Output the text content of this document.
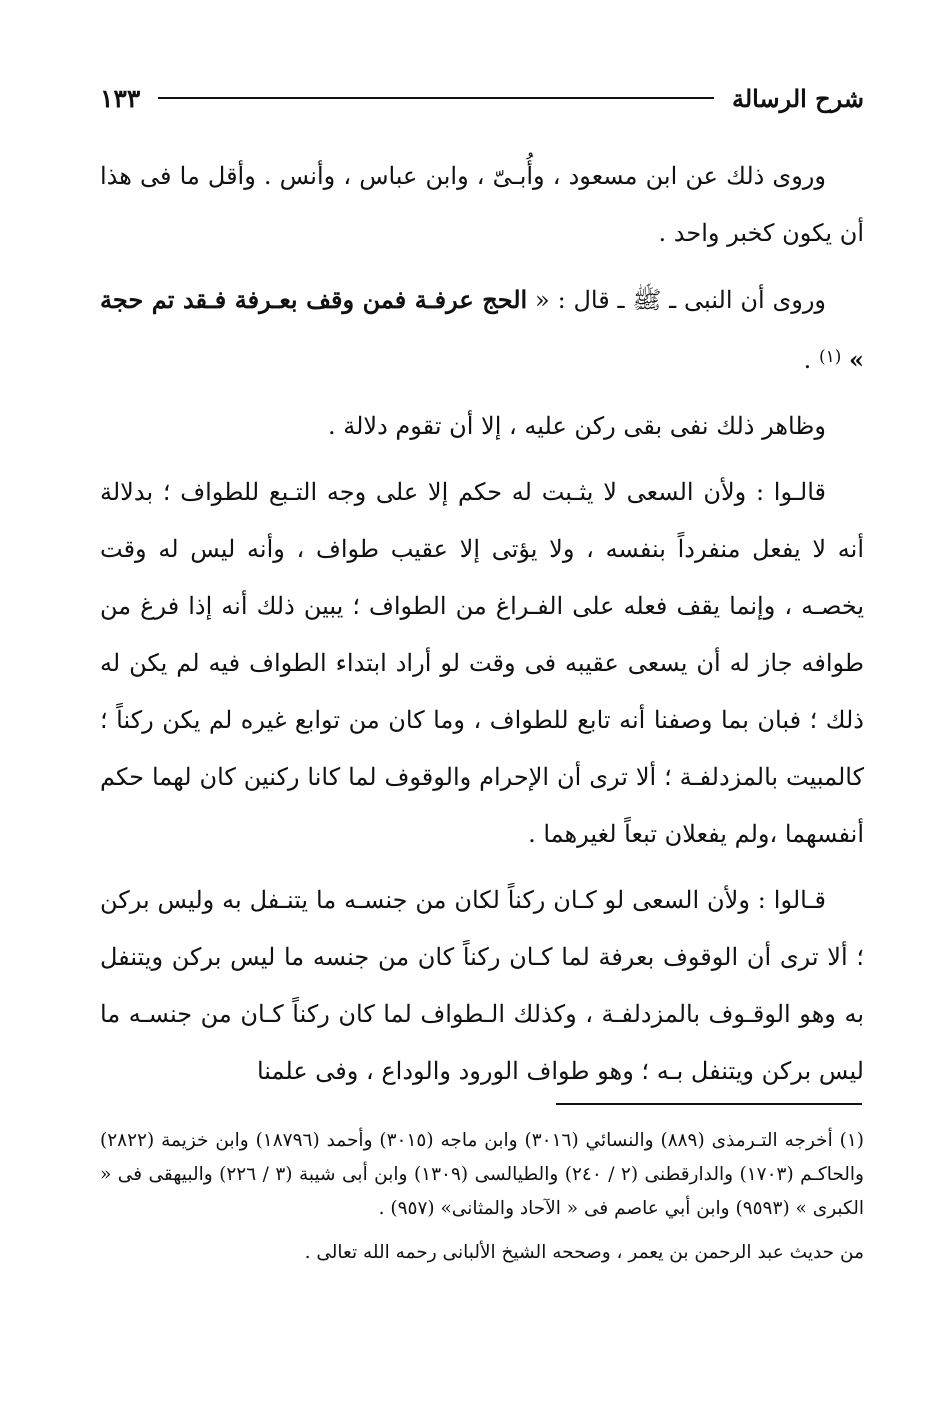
شرح الرسالة
١٣٣

وروى ذلك عن ابن مسعود ، وأُبـىّ ، وابن عباس ، وأنس . وأقل ما فى هذا أن يكون كخبر واحد .

وروى أن النبى ـ ﷺ ـ قال : « الحج عرفـة فمن وقف بعـرفة فـقد تم حجة » $^{(١)}$ .

وظاهر ذلك نفى بقى ركن عليه ، إلا أن تقوم دلالة .

قالـوا : ولأن السعى لا يثـبت له حكم إلا على وجه التـبع للطواف ؛ بدلالة أنه لا يفعل منفرداً بنفسه ، ولا يؤتى إلا عقيب طواف ، وأنه ليس له وقت يخصـه ، وإنما يقف فعله على الفـراغ من الطواف ؛ يبين ذلك أنه إذا فرغ من طوافه جاز له أن يسعى عقيبه فى وقت لو أراد ابتداء الطواف فيه لم يكن له ذلك ؛ فبان بما وصفنا أنه تابع للطواف ، وما كان من توابع غيره لم يكن ركناً ؛ كالمبيت بالمزدلفـة ؛ ألا ترى أن الإحرام والوقوف لما كانا ركنين كان لهما حكم أنفسهما ،ولم يفعلان تبعاً لغيرهما .

قـالوا : ولأن السعى لو كـان ركناً لكان من جنسـه ما يتنـفل به وليس بركن ؛ ألا ترى أن الوقوف بعرفة لما كـان ركناً كان من جنسه ما ليس بركن ويتنفل به وهو الوقـوف بالمزدلفـة ، وكذلك الـطواف لما كان ركناً كـان من جنسـه ما ليس بركن ويتنفل بـه ؛ وهو طواف الورود والوداع ، وفى علمنا

(١) أخرجه التـرمذى (٨٨٩) والنسائي (٣٠١٦) وابن ماجه (٣٠١٥) وأحمد (١٨٧٩٦) وابن خزيمة (٢٨٢٢) والحاكـم (١٧٠٣) والدارقطنى (٢ / ٢٤٠) والطيالسى (١٣٠٩) وابن أبى شيبة (٣ / ٢٢٦) والبيهقى فى « الكبرى » (٩٥٩٣) وابن أبي عاصم فى « الآحاد والمثانى» (٩٥٧) .

من حديث عبد الرحمن بن يعمر ، وصححه الشيخ الألبانى رحمه الله تعالى .
